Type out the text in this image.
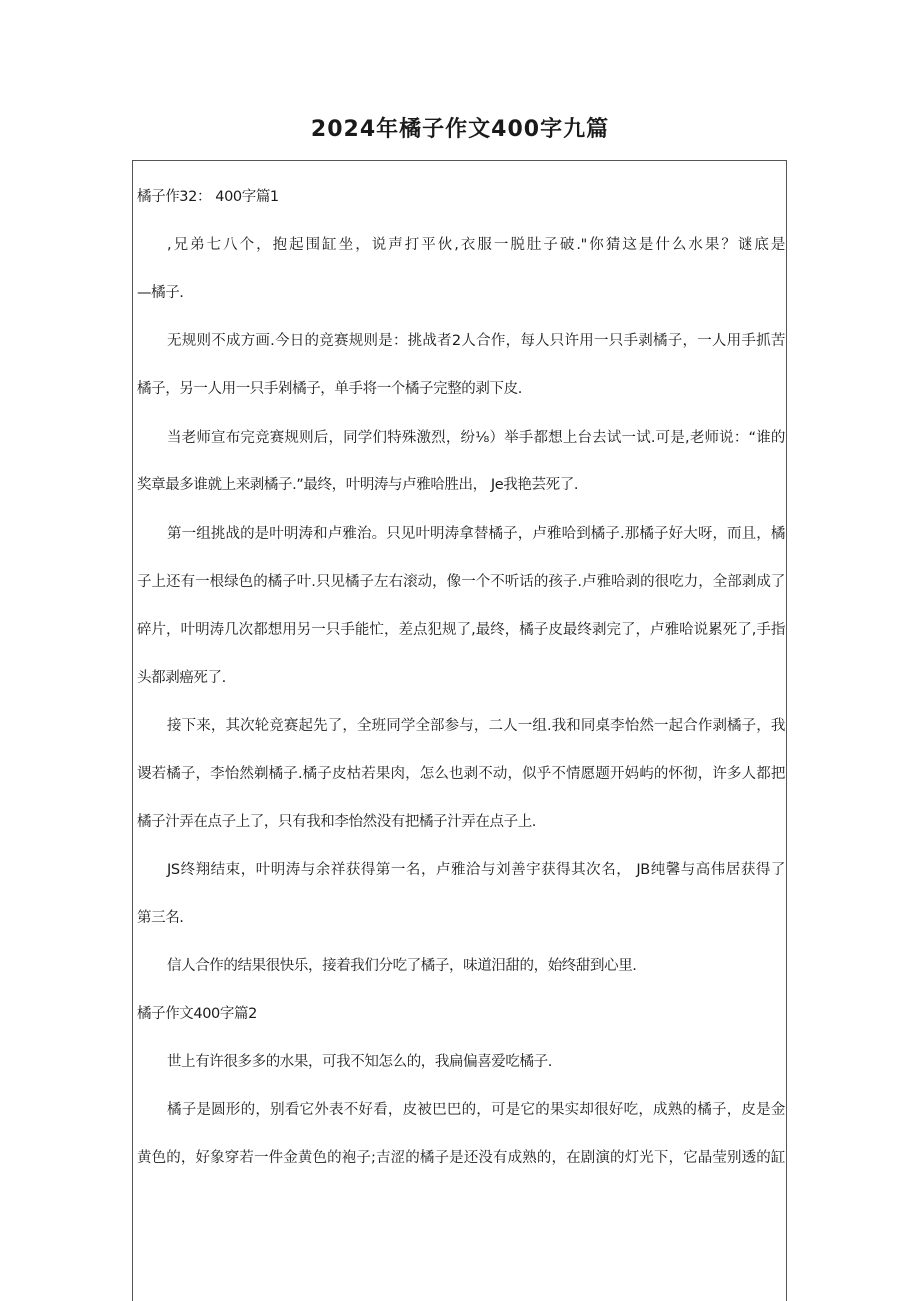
2024年橘子作文400字九篇
橘子作32： 400字篇1
,兄弟七八个，抱起围缸坐，说声打平伙,衣服一脱肚子破."你猜这是什么水果？谜底是
—橘子.
无规则不成方画.今日的竞赛规则是：挑战者2人合作，每人只许用一只手剥橘子，一人用手抓苦
橘子，另一人用一只手剁橘子，单手将一个橘子完整的剥下皮.
当老师宣布完竞赛规则后，同学们特殊激烈，纷⅛）举手都想上台去试一试.可是,老师说：“谁的
奖章最多谁就上来剥橘子.”最终，叶明涛与卢雅哈胜出， Je我艳芸死了.
第一组挑战的是叶明涛和卢雅治。只见叶明涛拿替橘子，卢雅哈到橘子.那橘子好大呀，而且，橘
子上还有一根绿色的橘子叶.只见橘子左右滚动，像一个不听话的孩子.卢雅哈剥的很吃力，全部剥成了
碎片，叶明涛几次都想用另一只手能忙，差点犯规了,最终，橘子皮最终剥完了，卢雅哈说累死了,手指
头都剥癌死了.
接下来，其次轮竞赛起先了，全班同学全部参与，二人一组.我和同桌李怡然一起合作剥橘子，我
谡若橘子，李怡然剃橘子.橘子皮枯若果肉，怎么也剥不动，似乎不情愿题开妈屿的怀彻，许多人都把
橘子汁弄在点子上了，只有我和李怡然没有把橘子汁弄在点子上.
JS终翔结束，叶明涛与余祥获得第一名，卢雅洽与刘善宇获得其次名， JB纯馨与高伟居获得了
第三名.
信人合作的结果很快乐，接着我们分吃了橘子，味道汨甜的，始终甜到心里.
橘子作文400字篇2
世上有许很多多的水果，可我不知怎么的，我扁偏喜爱吃橘子.
橘子是圆形的，别看它外表不好看，皮被巴巴的，可是它的果实却很好吃，成熟的橘子，皮是金
黄色的，好象穿若一件金黄色的袍子;吉涩的橘子是还没有成熟的，在剧演的灯光下，它晶莹别透的缸
